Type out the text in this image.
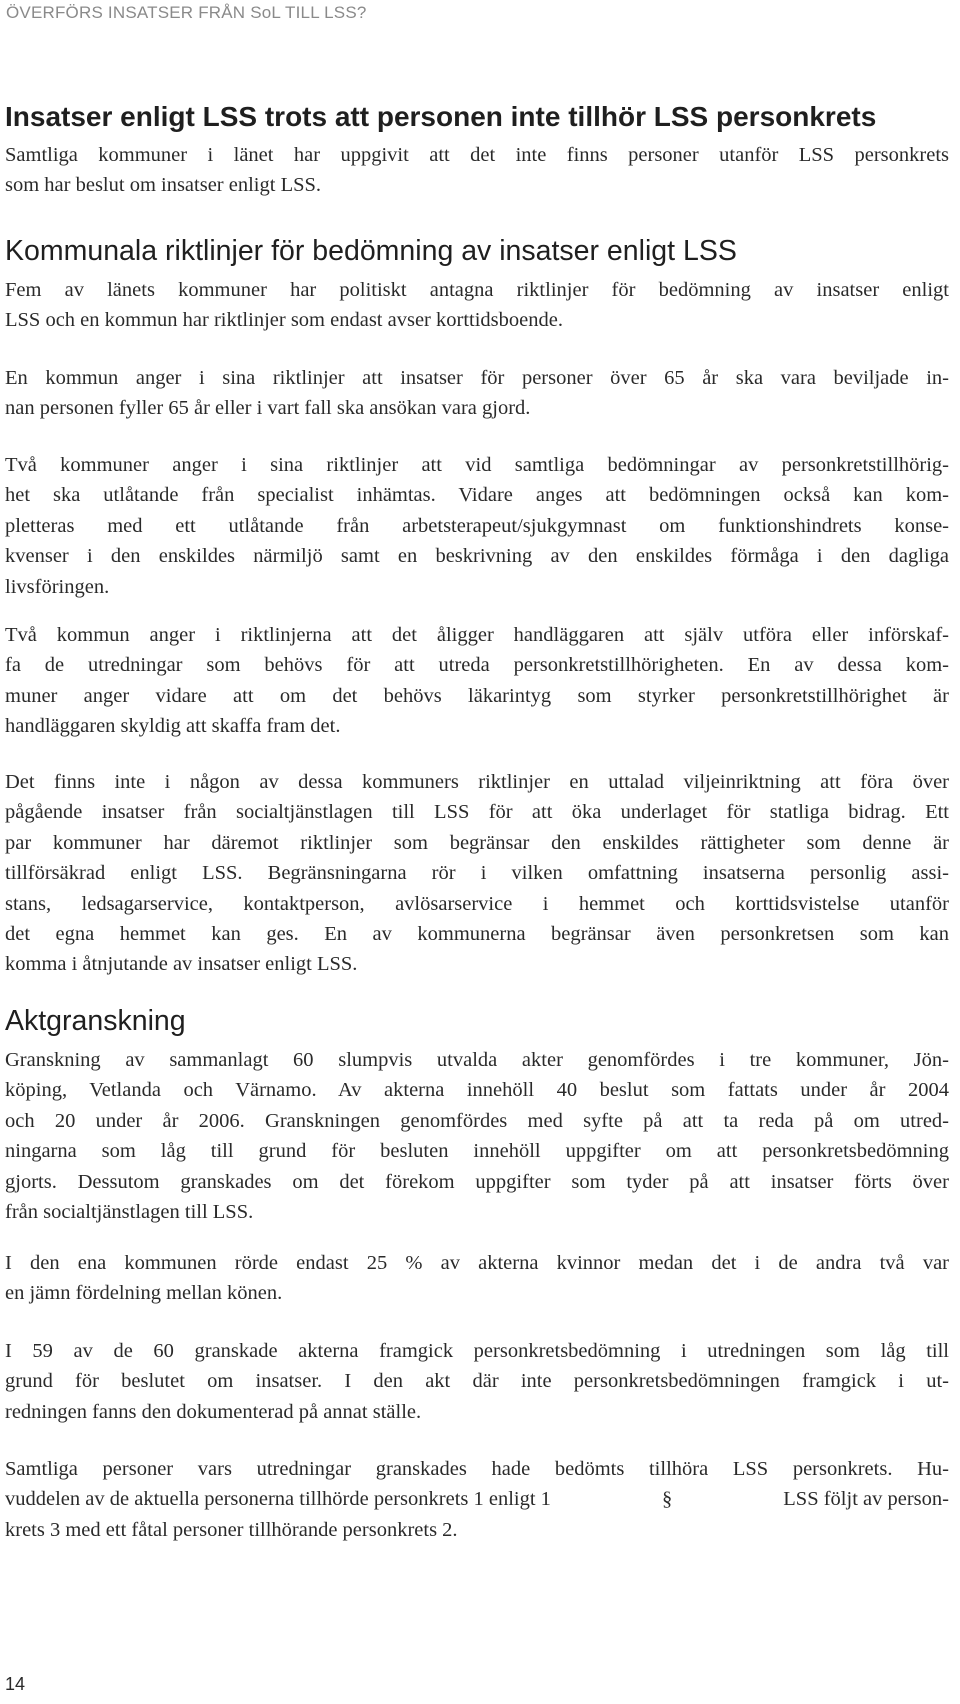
ÖVERFÖRS INSATSER FRÅN SoL TILL LSS?
Insatser enligt LSS trots att personen inte tillhör LSS personkrets
Samtliga kommuner i länet har uppgivit att det inte finns personer utanför LSS personkrets
som har beslut om insatser enligt LSS.
Kommunala riktlinjer för bedömning av insatser enligt LSS
Fem av länets kommuner har politiskt antagna riktlinjer för bedömning av insatser enligt
LSS och en kommun har riktlinjer som endast avser korttidsboende.
En kommun anger i sina riktlinjer att insatser för personer över 65 år ska vara beviljade in-
nan personen fyller 65 år eller i vart fall ska ansökan vara gjord.
Två kommuner anger i sina riktlinjer att vid samtliga bedömningar av personkretstillhörig-
het ska utlåtande från specialist inhämtas. Vidare anges att bedömningen också kan kom-
pletteras med ett utlåtande från arbetsterapeut/sjukgymnast om funktionshindrets konse-
kvenser i den enskildes närmiljö samt en beskrivning av den enskildes förmåga i den dagliga
livsföringen.
Två kommun anger i riktlinjerna att det åligger handläggaren att själv utföra eller införskaf-
fa de utredningar som behövs för att utreda personkretstillhörigheten. En av dessa kom-
muner anger vidare att om det behövs läkarintyg som styrker personkretstillhörighet är
handläggaren skyldig att skaffa fram det.
Det finns inte i någon av dessa kommuners riktlinjer en uttalad viljeinriktning att föra över
pågående insatser från socialtjänstlagen till LSS för att öka underlaget för statliga bidrag. Ett
par kommuner har däremot riktlinjer som begränsar den enskildes rättigheter som denne är
tillförsäkrad enligt LSS. Begränsningarna rör i vilken omfattning insatserna personlig assi-
stans, ledsagarservice, kontaktperson, avlösarservice i hemmet och korttidsvistelse utanför
det egna hemmet kan ges. En av kommunerna begränsar även personkretsen som kan
komma i åtnjutande av insatser enligt LSS.
Aktgranskning
Granskning av sammanlagt 60 slumpvis utvalda akter genomfördes i tre kommuner, Jön-
köping, Vetlanda och Värnamo. Av akterna innehöll 40 beslut som fattats under år 2004
och 20 under år 2006. Granskningen genomfördes med syfte på att ta reda på om utred-
ningarna som låg till grund för besluten innehöll uppgifter om att personkretsbedömning
gjorts. Dessutom granskades om det förekom uppgifter som tyder på att insatser förts över
från socialtjänstlagen till LSS.
I den ena kommunen rörde endast 25 % av akterna kvinnor medan det i de andra två var
en jämn fördelning mellan könen.
I 59 av de 60 granskade akterna framgick personkretsbedömning i utredningen som låg till
grund för beslutet om insatser. I den akt där inte personkretsbedömningen framgick i ut-
redningen fanns den dokumenterad på annat ställe.
Samtliga personer vars utredningar granskades hade bedömts tillhöra LSS personkrets. Hu-
vuddelen av de aktuella personerna tillhörde personkrets 1 enligt 1	§	LSS följt av person-
krets 3 med ett fåtal personer tillhörande personkrets 2.
14
